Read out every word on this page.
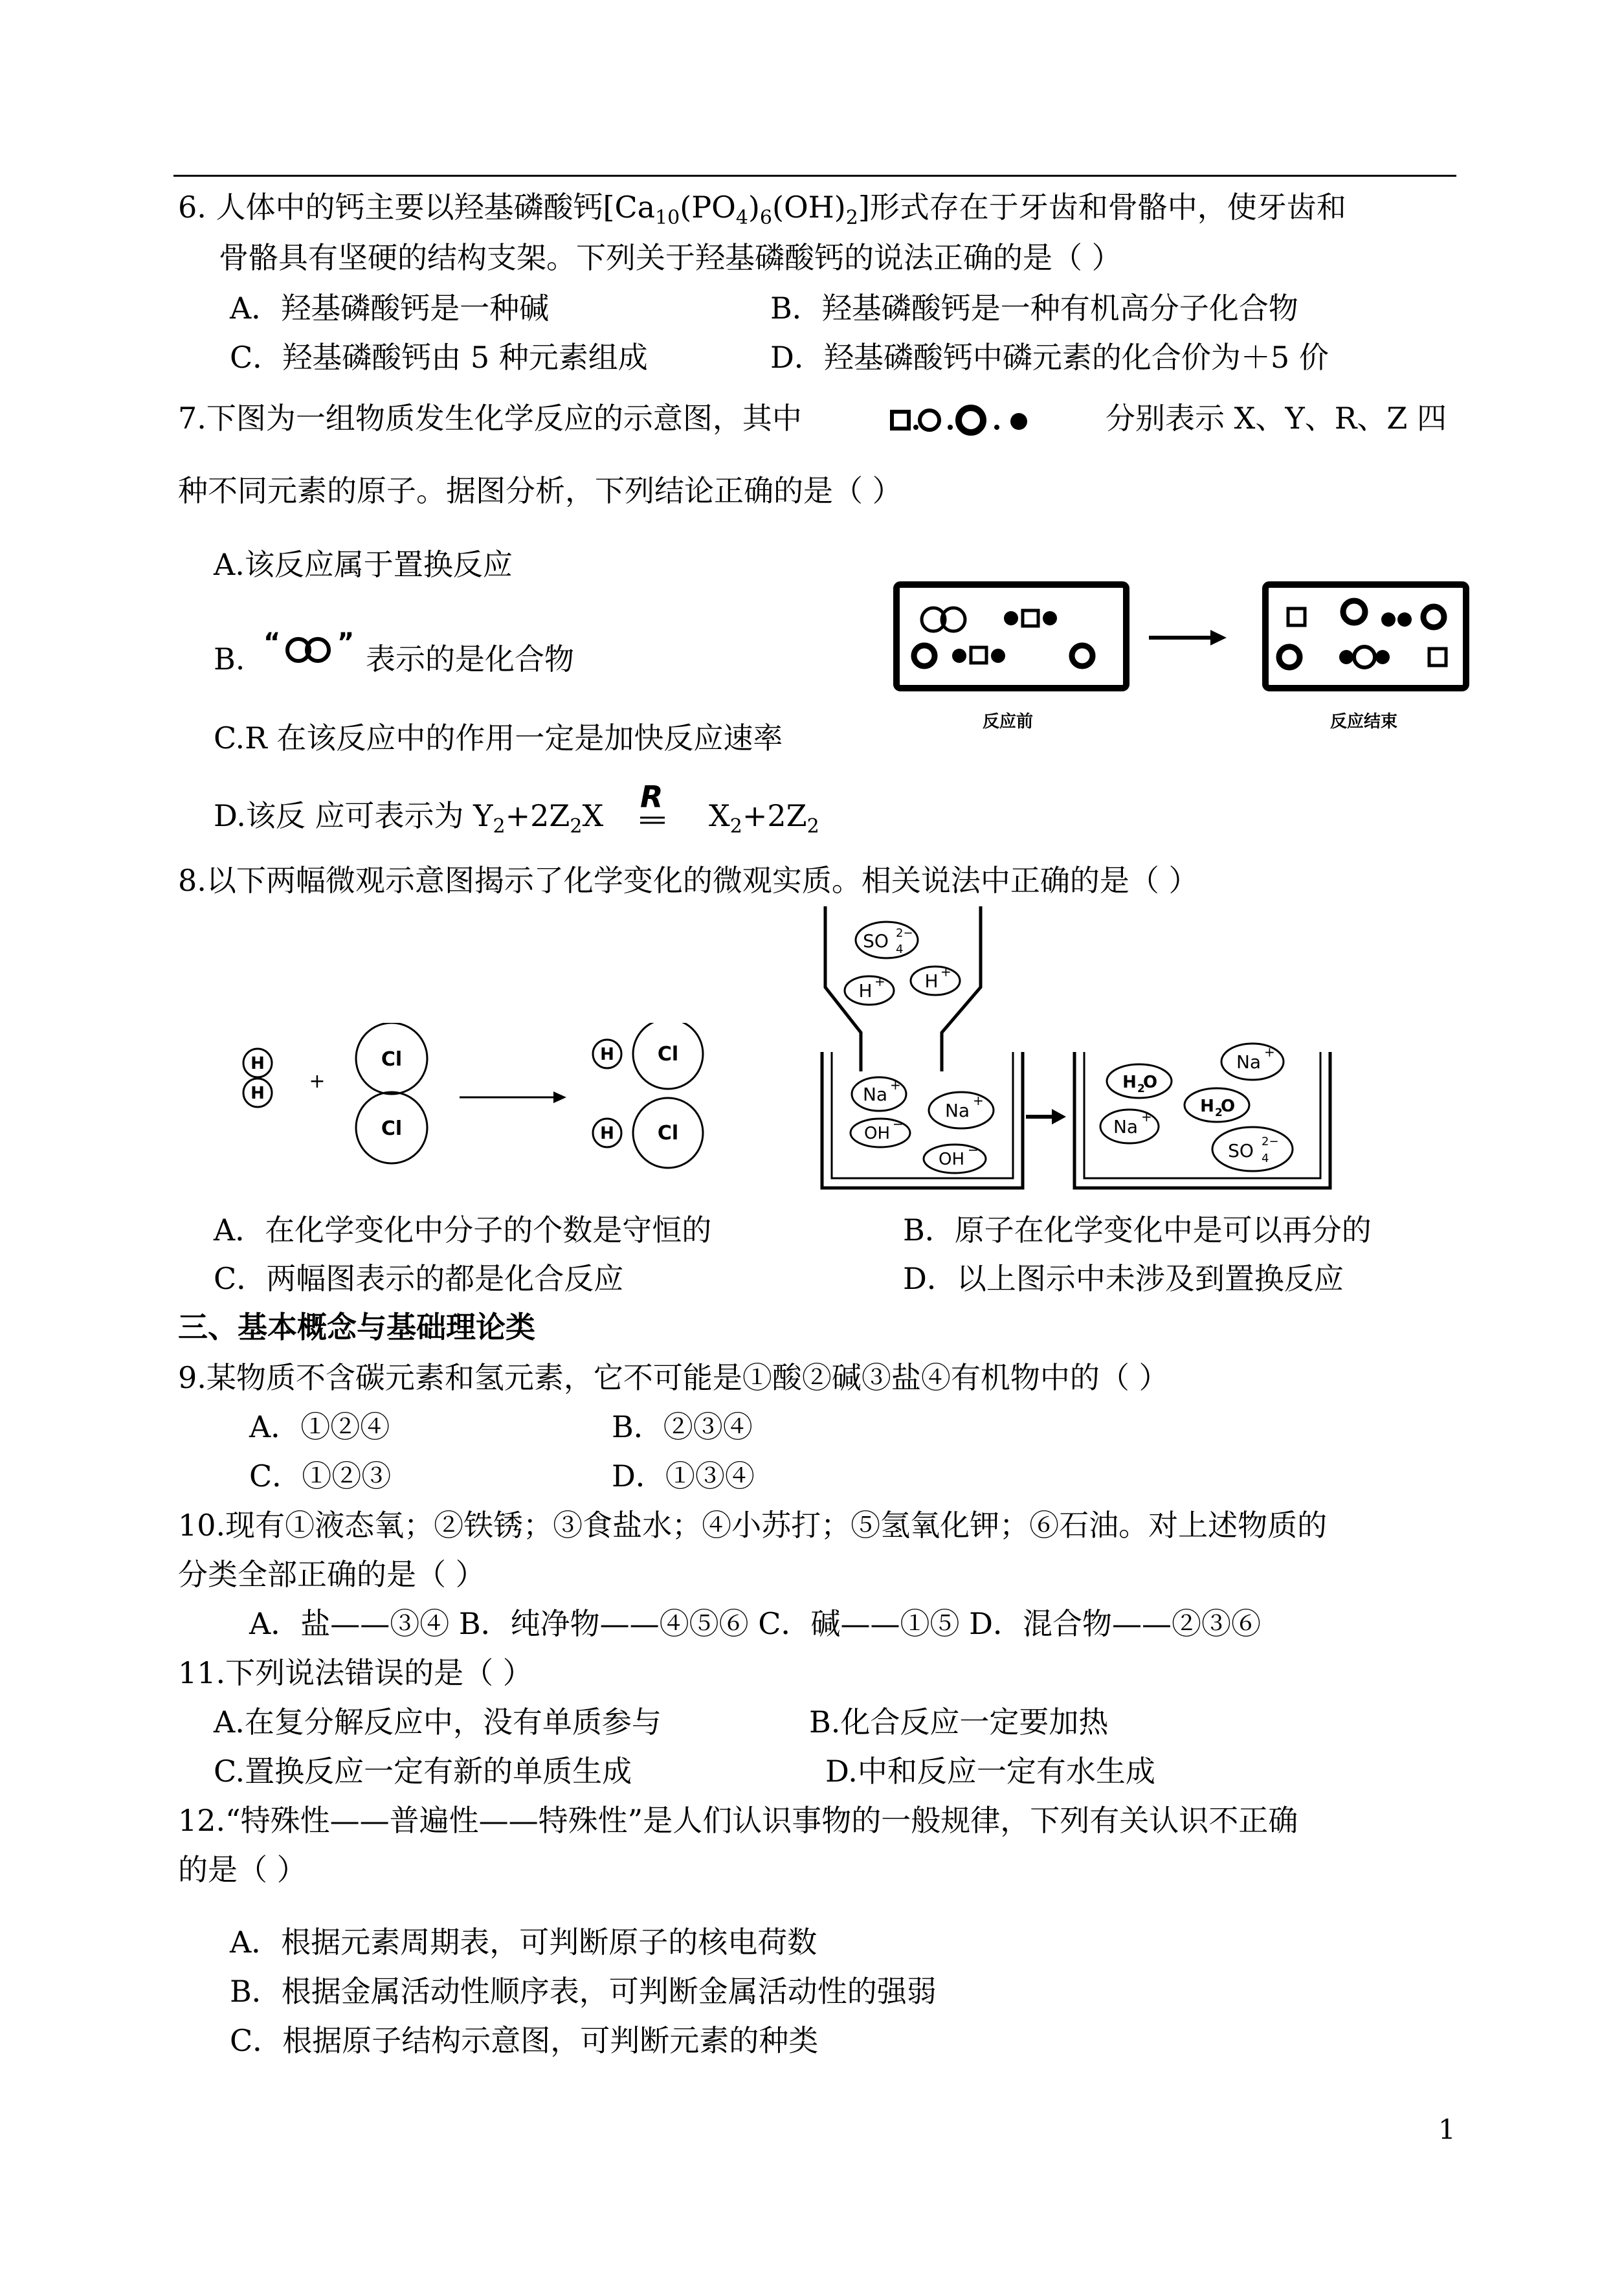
6. 人体中的钙主要以羟基磷酸钙$[Ca_{10}(PO_4)_6(OH)_2]$形式存在于牙齿和骨骼中，使牙齿和
骨骼具有坚硬的结构支架。下列关于羟基磷酸钙的说法正确的是（ ）
A．羟基磷酸钙是一种碱	B．羟基磷酸钙是一种有机高分子化合物
C．羟基磷酸钙由 5 种元素组成	D．羟基磷酸钙中磷元素的化合价为＋5 价
7.下图为一组物质发生化学反应的示意图，其中	分别表示 X、Y、R、Z 四
种不同元素的原子。据图分析，下列结论正确的是（ ）
A.该反应属于置换反应
B. “ ” 表示的是化合物
C.R 在该反应中的作用一定是加快反应速率
D.该反 应可表示为 $Y_2+2Z_2X$
R
$X_2+2Z_2$
反应前	反应结束
8.以下两幅微观示意图揭示了化学变化的微观实质。相关说法中正确的是（ ）
H
H
+
Cl
Cl
H Cl
H Cl
SO 4
2−
H + H +
Na +
Na +
OH −
OH −
H 2
O
Na +
H 2
O
Na +
SO 4
2−
A．在化学变化中分子的个数是守恒的	B．原子在化学变化中是可以再分的
C．两幅图表示的都是化合反应	D．以上图示中未涉及到置换反应
三、基本概念与基础理论类
9.某物质不含碳元素和氢元素，它不可能是①酸②碱③盐④有机物中的（ ）
A．①②④	B．②③④
C．①②③	D．①③④
10.现有①液态氧；②铁锈；③食盐水；④小苏打；⑤氢氧化钾；⑥石油。对上述物质的
分类全部正确的是（ ）
A．盐——③④ B．纯净物——④⑤⑥ C．碱——①⑤ D．混合物——②③⑥
11.下列说法错误的是（ ）
A.在复分解反应中，没有单质参与	B.化合反应一定要加热
C.置换反应一定有新的单质生成	D.中和反应一定有水生成
12.“特殊性——普遍性——特殊性”是人们认识事物的一般规律，下列有关认识不正确
的是（ ）
A．根据元素周期表，可判断原子的核电荷数
B．根据金属活动性顺序表，可判断金属活动性的强弱
C．根据原子结构示意图，可判断元素的种类
1
